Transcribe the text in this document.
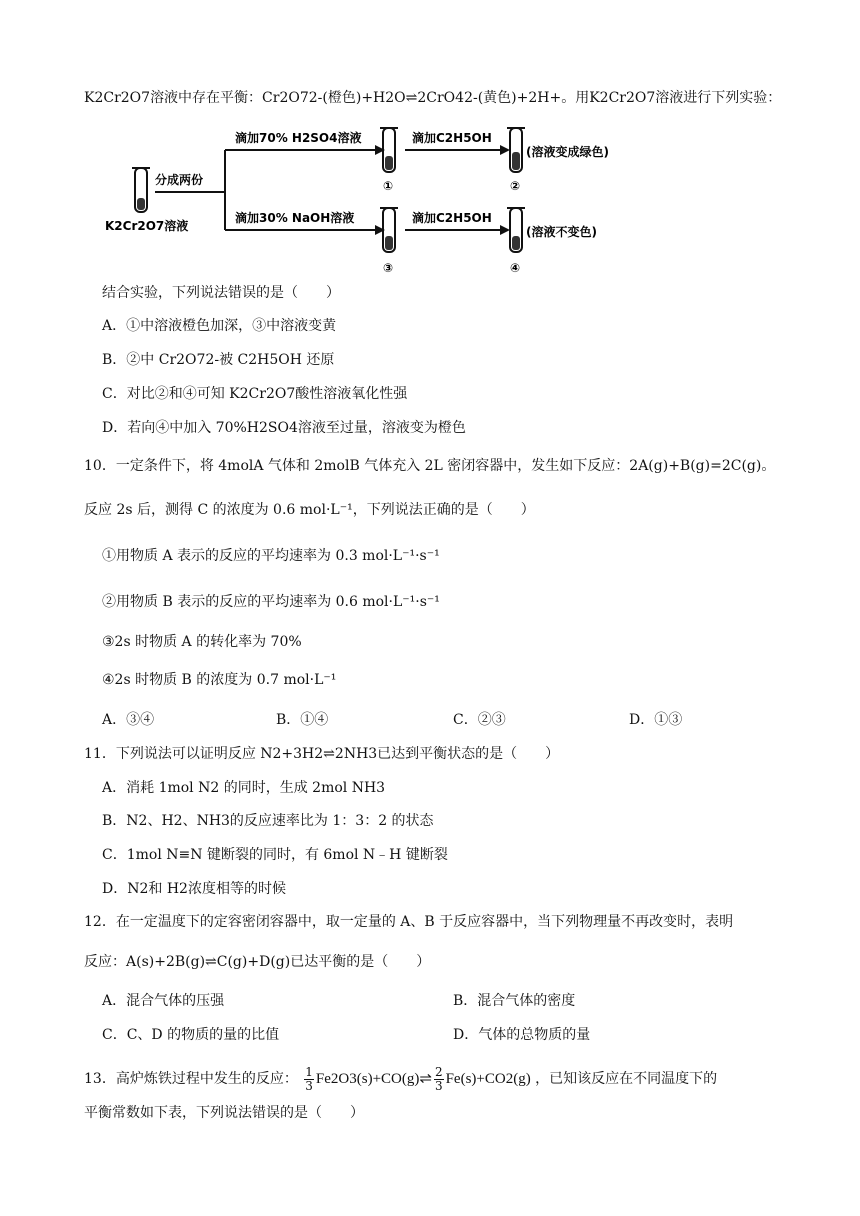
K2Cr2O7溶液中存在平衡：Cr2O72-(橙色)+H2O⇌2CrO42-(黄色)+2H+。用K2Cr2O7溶液进行下列实验：
分成两份
K2Cr2O7溶液
滴加70% H2SO4溶液
①
滴加C2H5OH
②
(溶液变成绿色)
滴加30% NaOH溶液
③
滴加C2H5OH
④
(溶液不变色)
结合实验，下列说法错误的是（　　）
A．①中溶液橙色加深，③中溶液变黄
B．②中 Cr2O72-被 C2H5OH 还原
C．对比②和④可知 K2Cr2O7酸性溶液氧化性强
D．若向④中加入 70%H2SO4溶液至过量，溶液变为橙色
10．一定条件下，将 4molA 气体和 2molB 气体充入 2L 密闭容器中，发生如下反应：2A(g)+B(g)=2C(g)。
反应 2s 后，测得 C 的浓度为 0.6 mol·L⁻¹，下列说法正确的是（　　）
①用物质 A 表示的反应的平均速率为 0.3 mol·L⁻¹·s⁻¹
②用物质 B 表示的反应的平均速率为 0.6 mol·L⁻¹·s⁻¹
③2s 时物质 A 的转化率为 70%
④2s 时物质 B 的浓度为 0.7 mol·L⁻¹
A．③④	B．①④	C．②③	D．①③
11．下列说法可以证明反应 N2+3H2⇌2NH3已达到平衡状态的是（　　）
A．消耗 1mol N2 的同时，生成 2mol NH3
B．N2、H2、NH3的反应速率比为 1：3：2 的状态
C．1mol N≡N 键断裂的同时，有 6mol N﹣H 键断裂
D．N2和 H2浓度相等的时候
12．在一定温度下的定容密闭容器中，取一定量的 A、B 于反应容器中，当下列物理量不再改变时，表明
反应：A(s)+2B(g)⇌C(g)+D(g)已达平衡的是（　　）
A．混合气体的压强	B．混合气体的密度
C．C、D 的物质的量的比值	D．气体的总物质的量
13．高炉炼铁过程中发生的反应： $\frac{1}{3}$ Fe2O3(s)+CO(g)⇌ $\frac{2}{3} Fe(s)+CO2(g)$ ，已知该反应在不同温度下的
平衡常数如下表，下列说法错误的是（　　）
